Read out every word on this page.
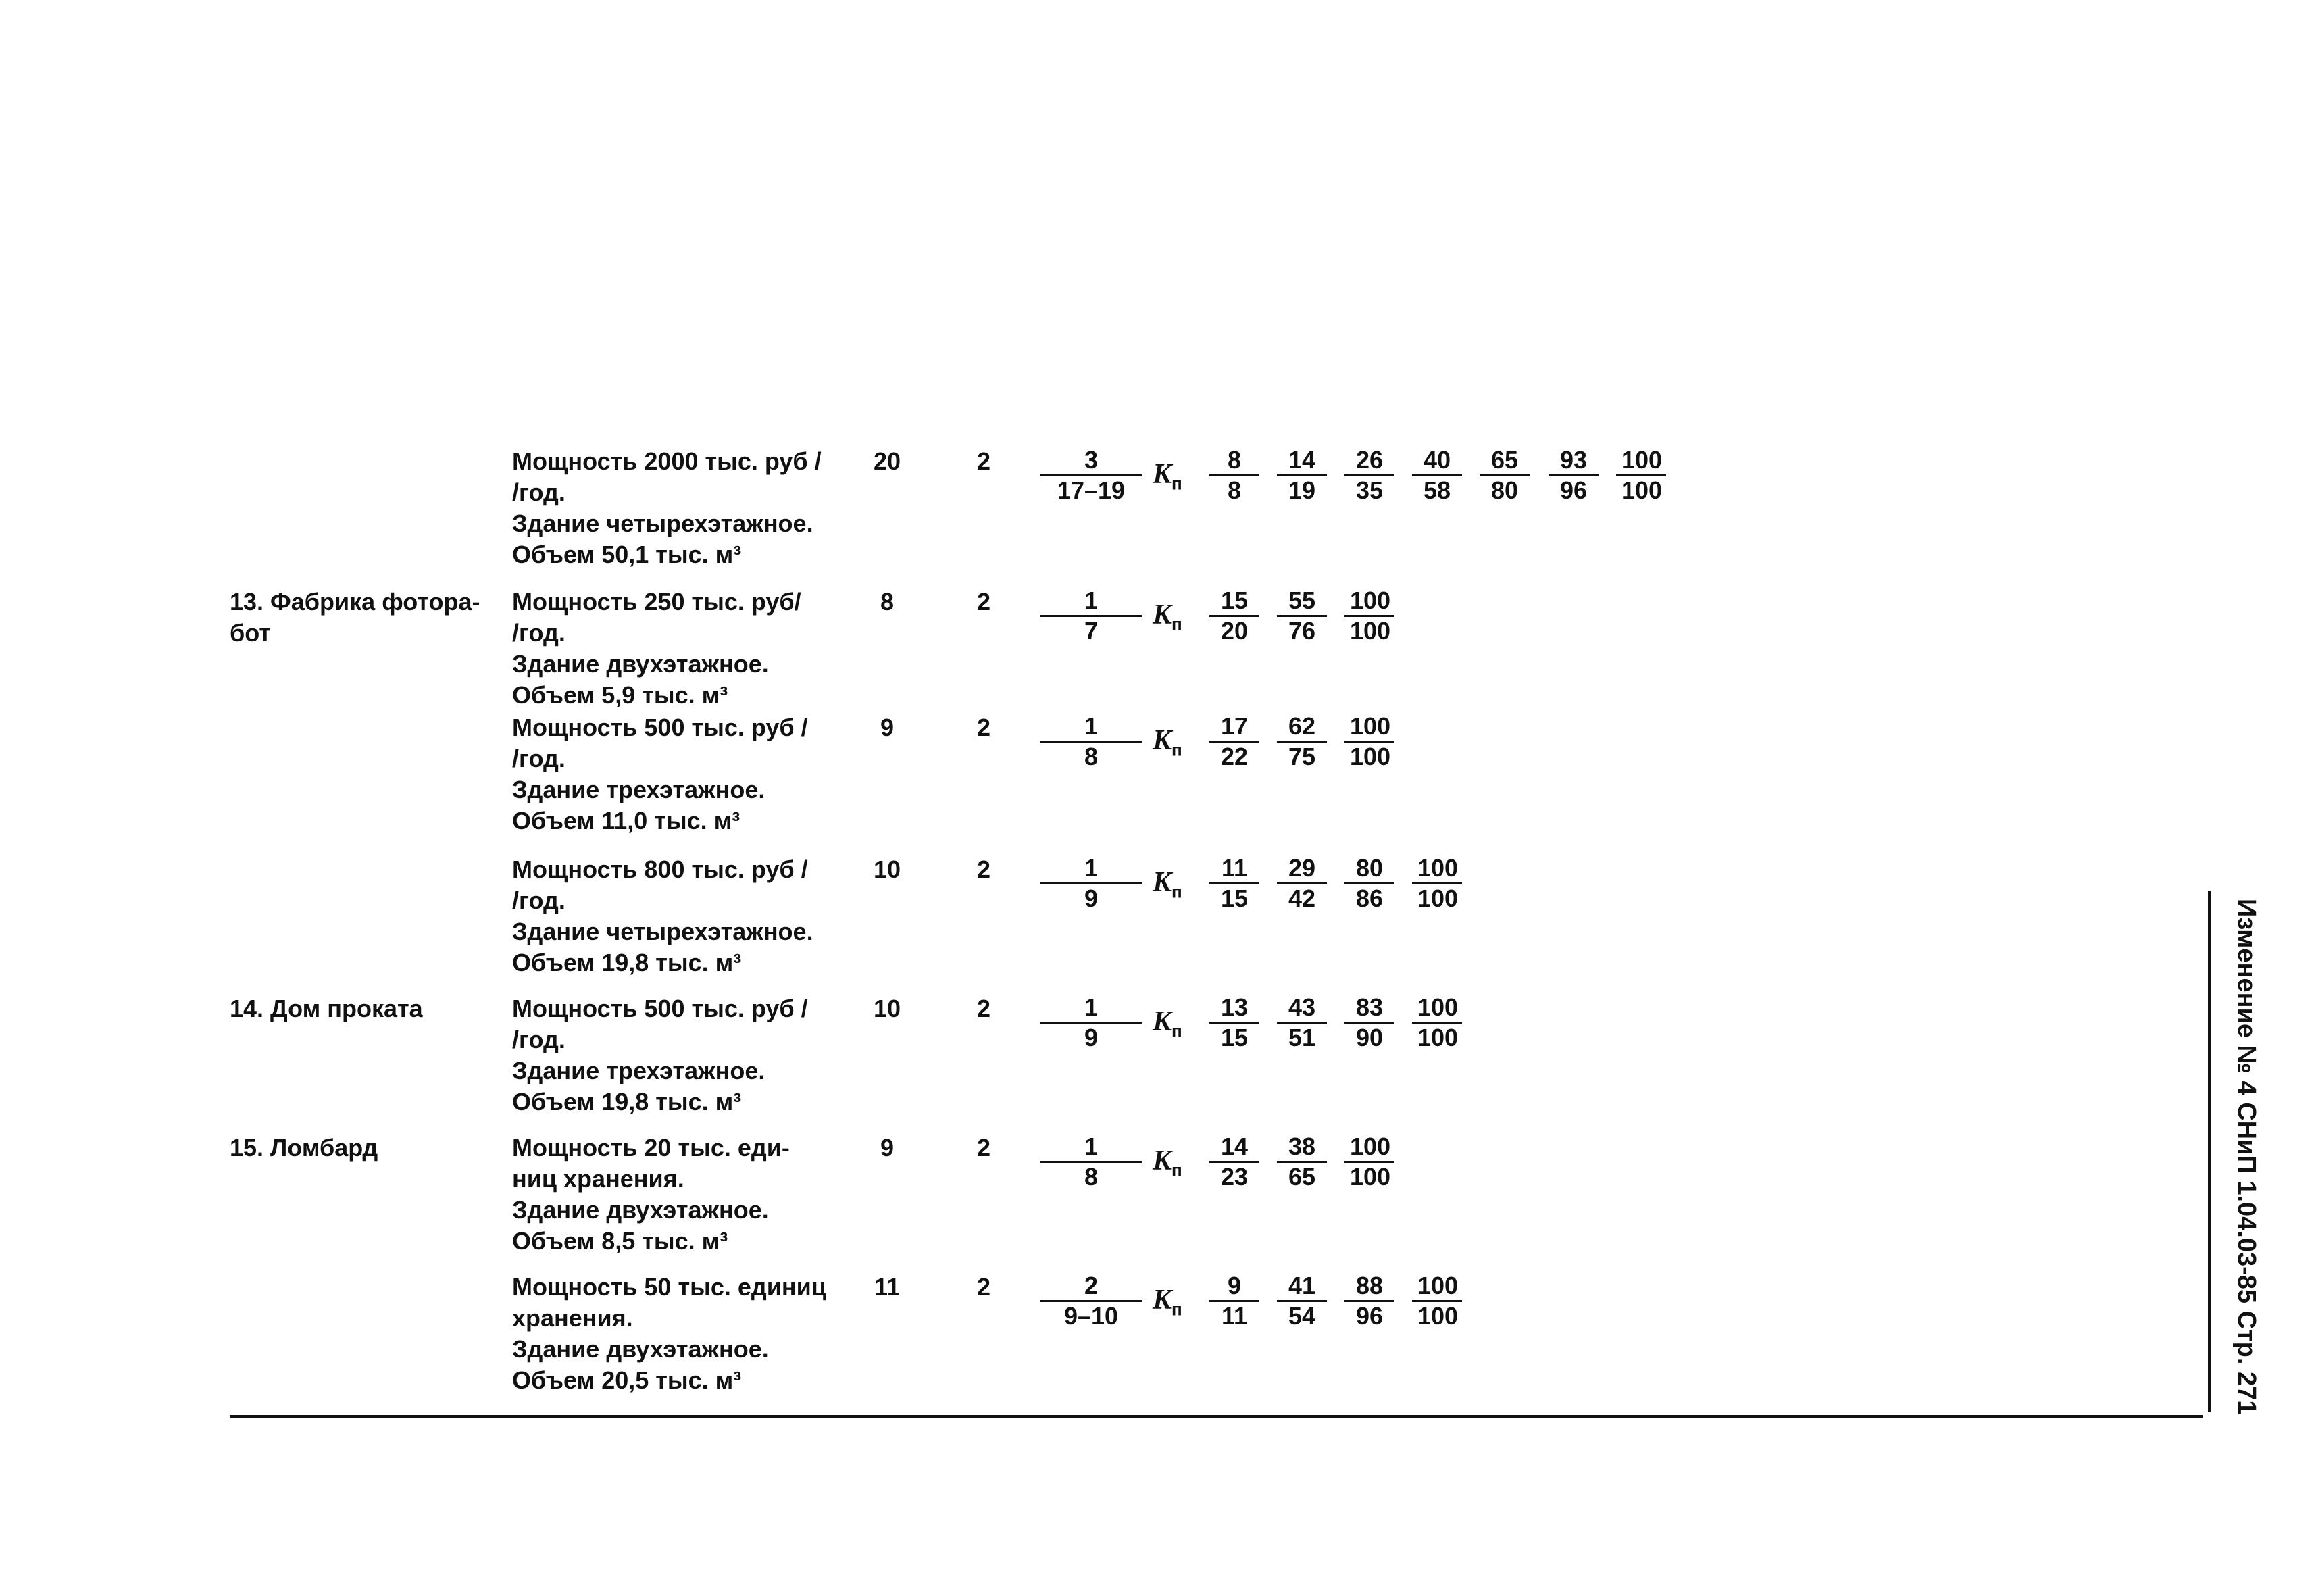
Мощность 2000 тыс. руб /
/год.
Здание четырехэтажное.
Объем 50,1 тыс. м³
20	2	$\frac{3}{17-19} K_п \frac{8}{8} \frac{14}{19} \frac{26}{35} \frac{40}{58} \frac{65}{80} \frac{93}{96} \frac{100}{100}$
13. Фабрика фотора-
бот
Мощность 250 тыс. руб/
/год.
Здание двухэтажное.
Объем 5,9 тыс. м³
8	2	$\frac{1}{7} K_п \frac{15}{20} \frac{55}{76} \frac{100}{100}$
Мощность 500 тыс. руб /
/год.
Здание трехэтажное.
Объем 11,0 тыс. м³
9	2	$\frac{1}{8} K_п \frac{17}{22} \frac{62}{75} \frac{100}{100}$
Мощность 800 тыс. руб /
/год.
Здание четырехэтажное.
Объем 19,8 тыс. м³
10	2	$\frac{1}{9} K_п \frac{11}{15} \frac{29}{42} \frac{80}{86} \frac{100}{100}$
14. Дом проката	Мощность 500 тыс. руб /
/год.
Здание трехэтажное.
Объем 19,8 тыс. м³
10	2	$\frac{1}{9} K_п \frac{13}{15} \frac{43}{51} \frac{83}{90} \frac{100}{100}$
15. Ломбард	Мощность 20 тыс. еди-
ниц хранения.
Здание двухэтажное.
Объем 8,5 тыс. м³
9	2	$\frac{1}{8} K_п \frac{14}{23} \frac{38}{65} \frac{100}{100}$
Мощность 50 тыс. единиц
хранения.
Здание двухэтажное.
Объем 20,5 тыс. м³
11	2	$\frac{2}{9-10} K_п \frac{9}{11} \frac{41}{54} \frac{88}{96} \frac{100}{100}$	Изменение № 4 СНиП 1.04.03-85 Стр. 271
